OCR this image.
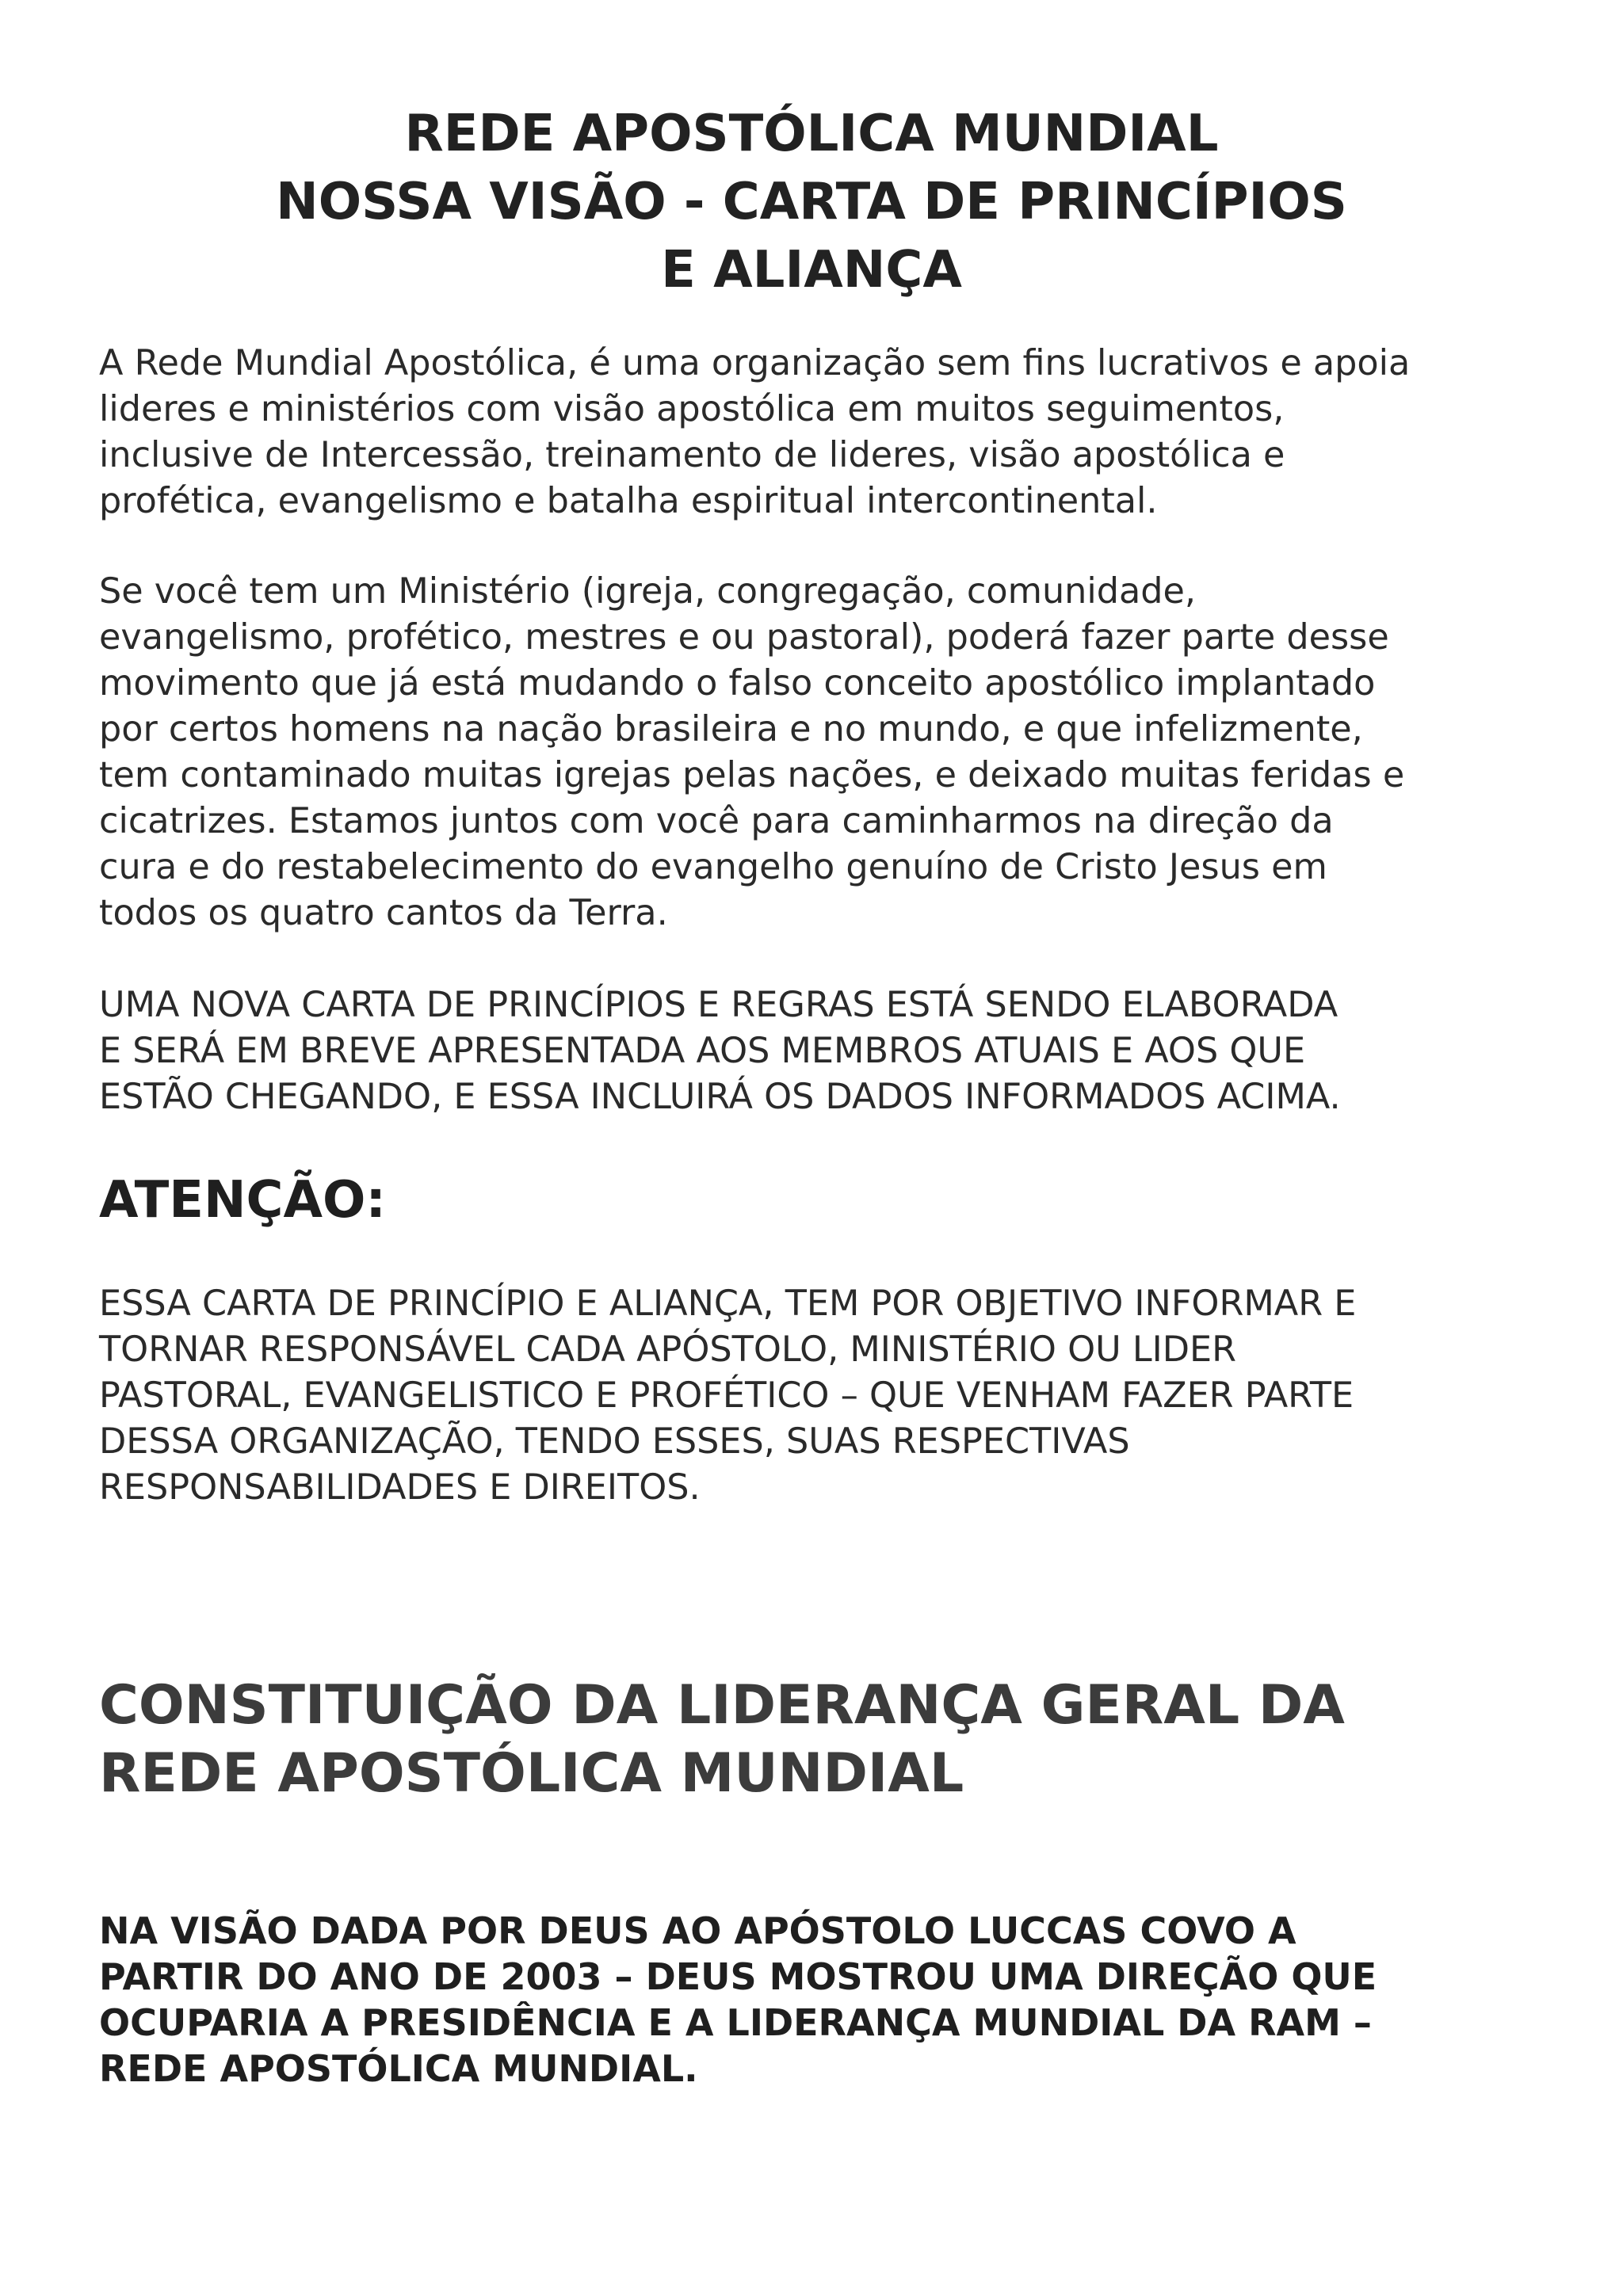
REDE APOSTÓLICA MUNDIAL
NOSSA VISÃO - CARTA DE PRINCÍPIOS
E ALIANÇA
A Rede Mundial Apostólica, é uma organização sem fins lucrativos e apoia
lideres e ministérios com visão apostólica em muitos seguimentos,
inclusive de Intercessão, treinamento de lideres, visão apostólica e
profética, evangelismo e batalha espiritual intercontinental.
Se você tem um Ministério (igreja, congregação, comunidade,
evangelismo, profético, mestres e ou pastoral), poderá fazer parte desse
movimento que já está mudando o falso conceito apostólico implantado
por certos homens na nação brasileira e no mundo, e que infelizmente,
tem contaminado muitas igrejas pelas nações, e deixado muitas feridas e
cicatrizes. Estamos juntos com você para caminharmos na direção da
cura e do restabelecimento do evangelho genuíno de Cristo Jesus em
todos os quatro cantos da Terra.
UMA NOVA CARTA DE PRINCÍPIOS E REGRAS ESTÁ SENDO ELABORADA
E SERÁ EM BREVE APRESENTADA AOS MEMBROS ATUAIS E AOS QUE
ESTÃO CHEGANDO, E ESSA INCLUIRÁ OS DADOS INFORMADOS ACIMA.
ATENÇÃO:
ESSA CARTA DE PRINCÍPIO E ALIANÇA, TEM POR OBJETIVO INFORMAR E
TORNAR RESPONSÁVEL CADA APÓSTOLO, MINISTÉRIO OU LIDER
PASTORAL, EVANGELISTICO E PROFÉTICO – QUE VENHAM FAZER PARTE
DESSA ORGANIZAÇÃO, TENDO ESSES, SUAS RESPECTIVAS
RESPONSABILIDADES E DIREITOS.
CONSTITUIÇÃO DA LIDERANÇA GERAL DA
REDE APOSTÓLICA MUNDIAL
NA VISÃO DADA POR DEUS AO APÓSTOLO LUCCAS COVO A
PARTIR DO ANO DE 2003 – DEUS MOSTROU UMA DIREÇÃO QUE
OCUPARIA A PRESIDÊNCIA E A LIDERANÇA MUNDIAL DA RAM –
REDE APOSTÓLICA MUNDIAL.
